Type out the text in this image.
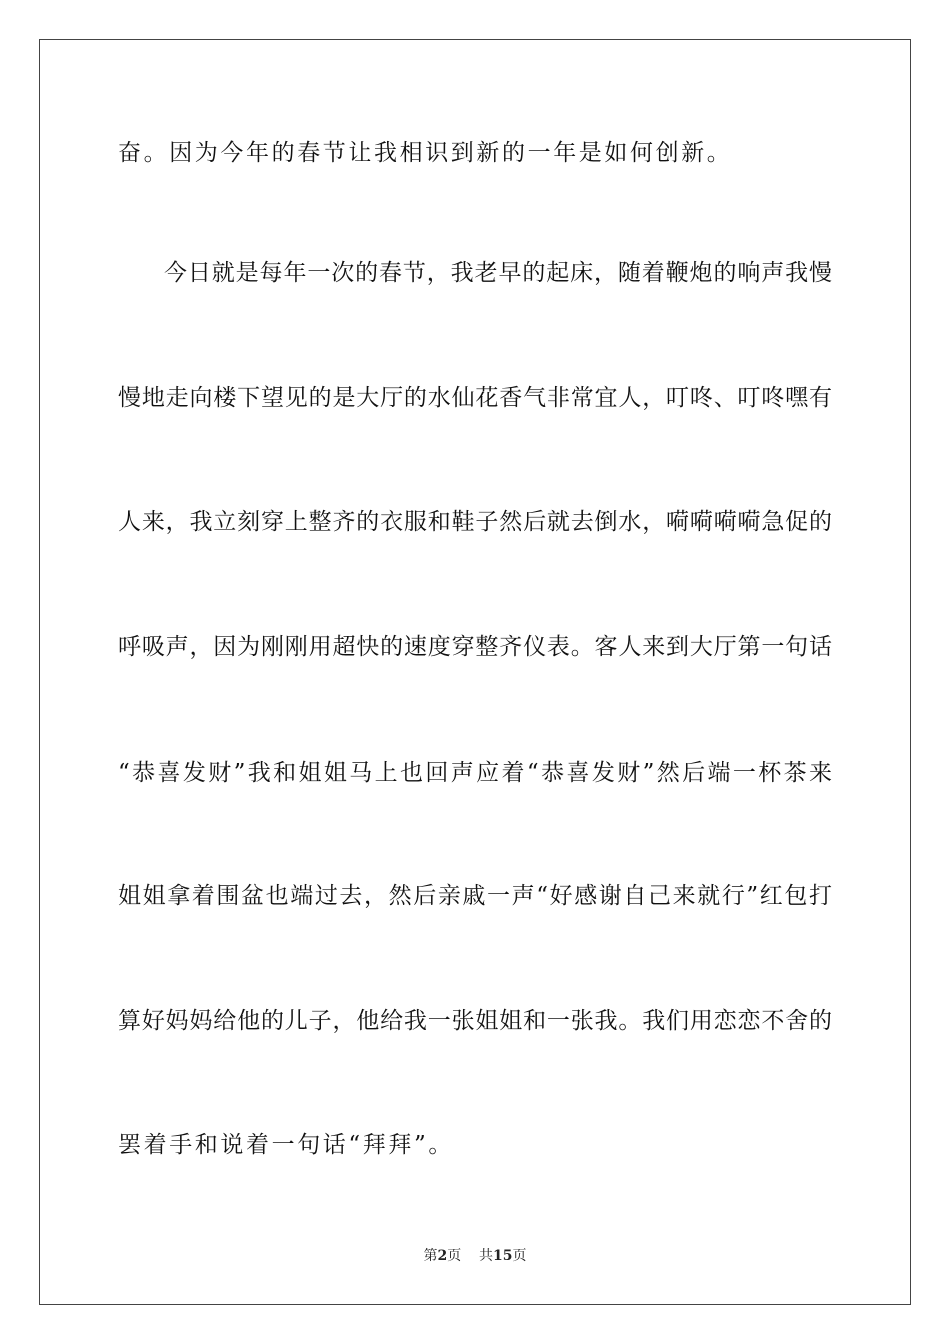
奋。因为今年的春节让我相识到新的一年是如何创新。
今日就是每年一次的春节，我老早的起床，随着鞭炮的响声我慢
慢地走向楼下望见的是大厅的水仙花香气非常宜人，叮咚、叮咚嘿有
人来，我立刻穿上整齐的衣服和鞋子然后就去倒水，嗬嗬嗬嗬急促的
呼吸声，因为刚刚用超快的速度穿整齐仪表。客人来到大厅第一句话
“恭喜发财”我和姐姐马上也回声应着“恭喜发财”然后端一杯茶来
姐姐拿着围盆也端过去，然后亲戚一声“好感谢自己来就行”红包打
算好妈妈给他的儿子，他给我一张姐姐和一张我。我们用恋恋不舍的
罢着手和说着一句话“拜拜”。
第2页 共15页
